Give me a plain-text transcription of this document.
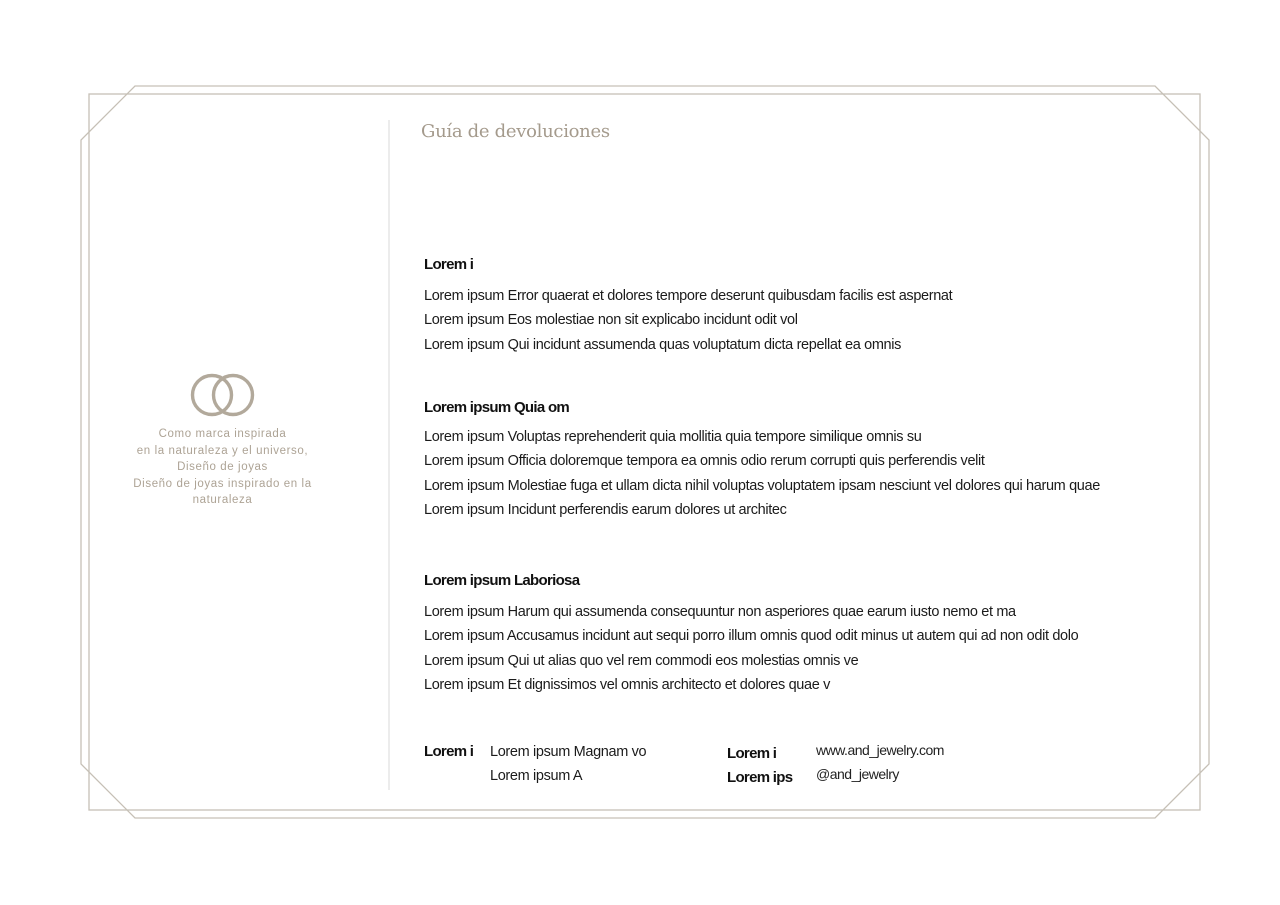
Como marca inspirada
en la naturaleza y el universo,
Diseño de joyas
Diseño de joyas inspirado en la
naturaleza
Guía de devoluciones
Lorem i
Lorem ipsum Error quaerat et dolores tempore deserunt quibusdam facilis est aspernat
Lorem ipsum Eos molestiae non sit explicabo incidunt odit vol
Lorem ipsum Qui incidunt assumenda quas voluptatum dicta repellat ea omnis
Lorem ipsum Quia om
Lorem ipsum Voluptas reprehenderit quia mollitia quia tempore similique omnis su
Lorem ipsum Officia doloremque tempora ea omnis odio rerum corrupti quis perferendis velit
Lorem ipsum Molestiae fuga et ullam dicta nihil voluptas voluptatem ipsam nesciunt vel dolores qui harum quae
Lorem ipsum Incidunt perferendis earum dolores ut architec
Lorem ipsum Laboriosa
Lorem ipsum Harum qui assumenda consequuntur non asperiores quae earum iusto nemo et ma
Lorem ipsum Accusamus incidunt aut sequi porro illum omnis quod odit minus ut autem qui ad non odit dolo
Lorem ipsum Qui ut alias quo vel rem commodi eos molestias omnis ve
Lorem ipsum Et dignissimos vel omnis architecto et dolores quae v
Lorem i Lorem ipsum Magnam vo
Lorem ipsum A
Lorem i
Lorem ips
www.and_jewelry.com
@and_jewelry
